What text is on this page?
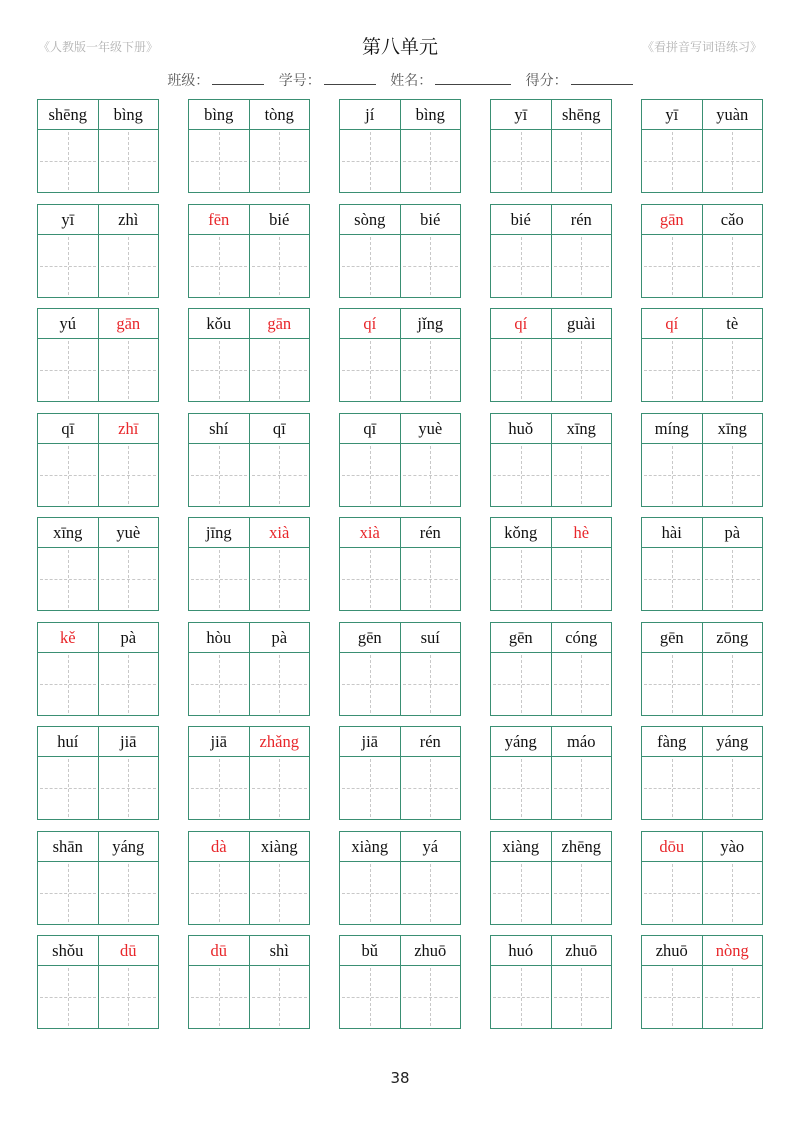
《人教版一年级下册》	第八单元	《看拼音写词语练习》
班级：	学号：	姓名：	得分：
shēng	bìng	bìng	tòng	jí	bìng	yī	shēng	yī	yuàn
yī	zhì	fēn	bié	sòng	bié	bié	rén	gān	cǎo
yú	gān	kǒu	gān	qí	jǐng	qí	guài	qí	tè
qī	zhī	shí	qī	qī	yuè	huǒ	xīng	míng	xīng
xīng	yuè	jīng	xià	xià	rén	kǒng	hè	hài	pà
kě	pà	hòu	pà	gēn	suí	gēn	cóng	gēn	zōng
huí	jiā	jiā	zhǎng	jiā	rén	yáng	máo	fàng	yáng
shān	yáng	dà	xiàng	xiàng	yá	xiàng	zhēng	dōu	yào
shǒu	dū	dū	shì	bǔ	zhuō	huó	zhuō	zhuō	nòng
38
